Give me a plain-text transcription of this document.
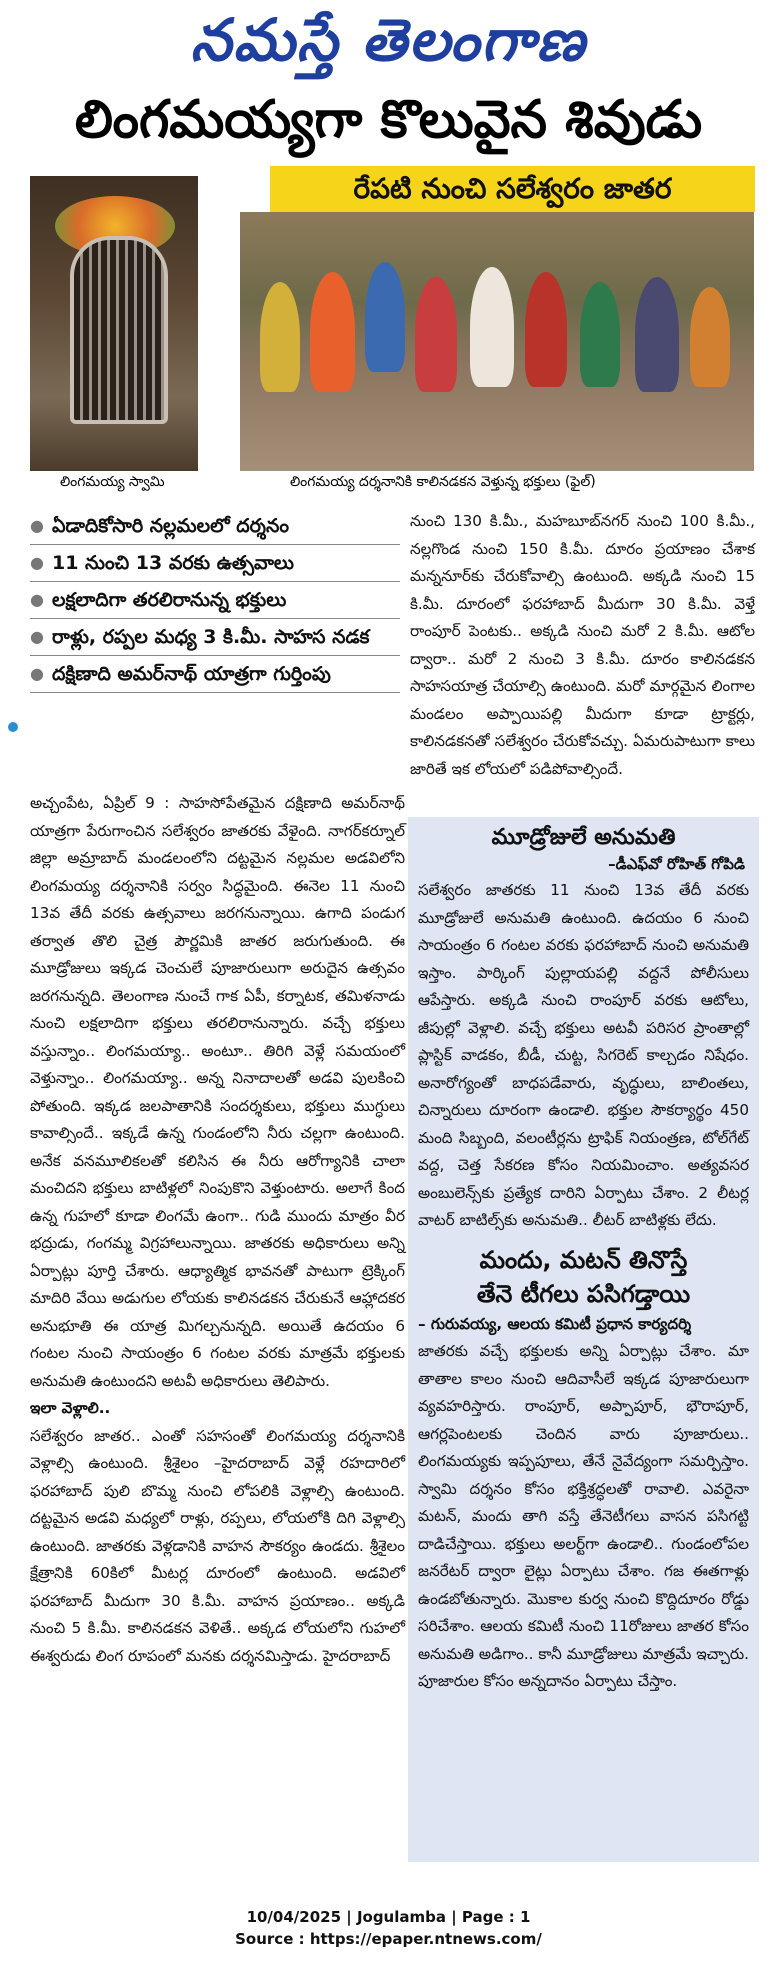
నమస్తే తెలంగాణ
లింగమయ్యగా కొలువైన శివుడు
రేపటి నుంచి సలేశ్వరం జాతర
లింగమయ్య స్వామి	లింగమయ్య దర్శనానికి కాలినడకన వెళ్తున్న భక్తులు (ఫైల్)
● ఏడాదికోసారి నల్లమలలో దర్శనం
● 11 నుంచి 13 వరకు ఉత్సవాలు
● లక్షలాదిగా తరలిరానున్న భక్తులు
● రాళ్లు, రప్పల మధ్య 3 కి.మీ. సాహస నడక
● దక్షిణాది అమర్‌నాథ్ యాత్రగా గుర్తింపు

అచ్చంపేట, ఏప్రిల్ 9 : సాహసోపేతమైన దక్షిణాది అమర్‌నాథ్ యాత్రగా పేరుగాంచిన సలేశ్వరం జాతరకు వేళైంది. నాగర్‌కర్నూల్ జిల్లా అమ్రాబాద్ మండలంలోని దట్టమైన నల్లమల అడవిలోని లింగమయ్య దర్శనానికి సర్వం సిద్ధమైంది. ఈనెల 11 నుంచి 13వ తేదీ వరకు ఉత్సవాలు జరగనున్నాయి. ఉగాది పండుగ తర్వాత తొలి చైత్ర పౌర్ణమికి జాతర జరుగుతుంది. ఈ మూడ్రోజులు ఇక్కడ చెంచులే పూజారులుగా అరుదైన ఉత్సవం జరగనున్నది. తెలంగాణ నుంచే గాక ఏపీ, కర్నాటక, తమిళనాడు నుంచి లక్షలాదిగా భక్తులు తరలిరానున్నారు. వచ్చే భక్తులు వస్తున్నాం.. లింగమయ్యా.. అంటూ.. తిరిగి వెళ్లే సమయంలో వెళ్తున్నాం.. లింగమయ్యా.. అన్న నినాదాలతో అడవి పులకించి పోతుంది. ఇక్కడ జలపాతానికి సందర్శకులు, భక్తులు ముగ్ధులు కావాల్సిందే.. ఇక్కడే ఉన్న గుండంలోని నీరు చల్లగా ఉంటుంది. అనేక వనమూలికలతో కలిసిన ఈ నీరు ఆరోగ్యానికి చాలా మంచిదని భక్తులు బాటిళ్లలో నింపుకొని వెళ్తుంటారు. అలాగే కింద ఉన్న గుహలో కూడా లింగమే ఉంగా.. గుడి ముందు మాత్రం వీర భద్రుడు, గంగమ్మ విగ్రహాలున్నాయి. జాతరకు అధికారులు అన్ని ఏర్పాట్లు పూర్తి చేశారు. ఆధ్యాత్మిక భావనతో పాటుగా ట్రెక్కింగ్ మాదిరి వేయి అడుగుల లోయకు కాలినడకన చేరుకునే ఆహ్లాదకర అనుభూతి ఈ యాత్ర మిగల్చనున్నది. అయితే ఉదయం 6 గంటల నుంచి సాయంత్రం 6 గంటల వరకు మాత్రమే భక్తులకు అనుమతి ఉంటుందని అటవీ అధికారులు తెలిపారు.

ఇలా వెళ్లాలి..

సలేశ్వరం జాతర.. ఎంతో సహసంతో లింగమయ్య దర్శనానికి వెళ్లాల్సి ఉంటుంది. శ్రీశైలం –హైదరాబాద్ వెళ్లే రహదారిలో ఫరహాబాద్ పులి బొమ్మ నుంచి లోపలికి వెళ్లాల్సి ఉంటుంది. దట్టమైన అడవి మధ్యలో రాళ్లు, రప్పలు, లోయలోకి దిగి వెళ్లాల్సి ఉంటుంది. జాతరకు వెళ్లడానికి వాహన సౌకర్యం ఉండదు. శ్రీశైలం క్షేత్రానికి 60కిలో మీటర్ల దూరంలో ఉంటుంది. అడవిలో ఫరహాబాద్ మీదుగా 30 కి.మీ. వాహన ప్రయాణం.. అక్కడి నుంచి 5 కి.మీ. కాలినడకన వెళితే.. అక్కడ లోయలోని గుహలో ఈశ్వరుడు లింగ రూపంలో మనకు దర్శనమిస్తాడు. హైదరాబాద్

నుంచి 130 కి.మీ., మహబూబ్‌నగర్ నుంచి 100 కి.మీ., నల్లగొండ నుంచి 150 కి.మీ. దూరం ప్రయాణం చేశాక మన్ననూర్‌కు చేరుకోవాల్సి ఉంటుంది. అక్కడి నుంచి 15 కి.మీ. దూరంలో ఫరహాబాద్ మీదుగా 30 కి.మీ. వెళ్తే రాంపూర్ పెంటకు.. అక్కడి నుంచి మరో 2 కి.మీ. ఆటోల ద్వారా.. మరో 2 నుంచి 3 కి.మీ. దూరం కాలినడకన సాహసయాత్ర చేయాల్సి ఉంటుంది. మరో మార్గమైన లింగాల మండలం అప్పాయిపల్లి మీదుగా కూడా ట్రాక్టర్లు, కాలినడకనతో సలేశ్వరం చేరుకోవచ్చు. ఏమరుపాటుగా కాలు జారితే ఇక లోయలో పడిపోవాల్సిందే.

మూడ్రోజులే అనుమతి
–డీఎఫ్‌వో రోహిత్ గోపిడి
సలేశ్వరం జాతరకు 11 నుంచి 13వ తేదీ వరకు మూడ్రోజులే అనుమతి ఉంటుంది. ఉదయం 6 నుంచి సాయంత్రం 6 గంటల వరకు ఫరహాబాద్ నుంచి అనుమతి ఇస్తాం. పార్కింగ్ పుల్లాయపల్లి వద్దనే పోలీసులు ఆపేస్తారు. అక్కడి నుంచి రాంపూర్ వరకు ఆటోలు, జీపుల్లో వెళ్లాలి. వచ్చే భక్తులు అటవీ పరిసర ప్రాంతాల్లో ప్లాస్టిక్ వాడకం, బీడీ, చుట్ట, సిగరెట్ కాల్చడం నిషేధం. అనారోగ్యంతో బాధపడేవారు, వృద్ధులు, బాలింతలు, చిన్నారులు దూరంగా ఉండాలి. భక్తుల సౌకర్యార్థం 450 మంది సిబ్బంది, వలంటీర్లను ట్రాఫిక్ నియంత్రణ, టోల్‌గేట్ వద్ద, చెత్త సేకరణ కోసం నియమించాం. అత్యవసర అంబులెన్స్‌కు ప్రత్యేక దారిని ఏర్పాటు చేశాం. 2 లీటర్ల వాటర్ బాటిల్స్‌కు అనుమతి.. లీటర్ బాటిళ్లకు లేదు.
మందు, మటన్ తినొస్తే
తేనె టీగలు పసిగడ్తాయి
– గురువయ్య, ఆలయ కమిటీ ప్రధాన కార్యదర్శి
జాతరకు వచ్చే భక్తులకు అన్ని ఏర్పాట్లు చేశాం. మా తాతాల కాలం నుంచి ఆదివాసీలే ఇక్కడ పూజారులుగా వ్యవహరిస్తారు. రాంపూర్, అప్పాపూర్, భౌరాపూర్, ఆగర్లపెంటలకు చెందిన వారు పూజారులు.. లింగమయ్యకు ఇప్పపూలు, తేనే నైవేద్యంగా సమర్పిస్తాం. స్వామి దర్శనం కోసం భక్తిశ్రద్ధలతో రావాలి. ఎవరైనా మటన్, మందు తాగి వస్తే తేనెటీగలు వాసన పసిగట్టి దాడిచేస్తాయి. భక్తులు అలర్ట్‌గా ఉండాలి.. గుండంలోపల జనరేటర్ ద్వారా లైట్లు ఏర్పాటు చేశాం. గజ ఈతగాళ్లు ఉండబోతున్నారు. మొకాల కుర్వ నుంచి కొద్దిదూరం రోడ్డు సరిచేశాం. ఆలయ కమిటీ నుంచి 11రోజులు జాతర కోసం అనుమతి అడిగాం.. కానీ మూడ్రోజులు మాత్రమే ఇచ్చారు. పూజారుల కోసం అన్నదానం ఏర్పాటు చేస్తాం.
10/04/2025 | Jogulamba | Page : 1
Source : https://epaper.ntnews.com/
